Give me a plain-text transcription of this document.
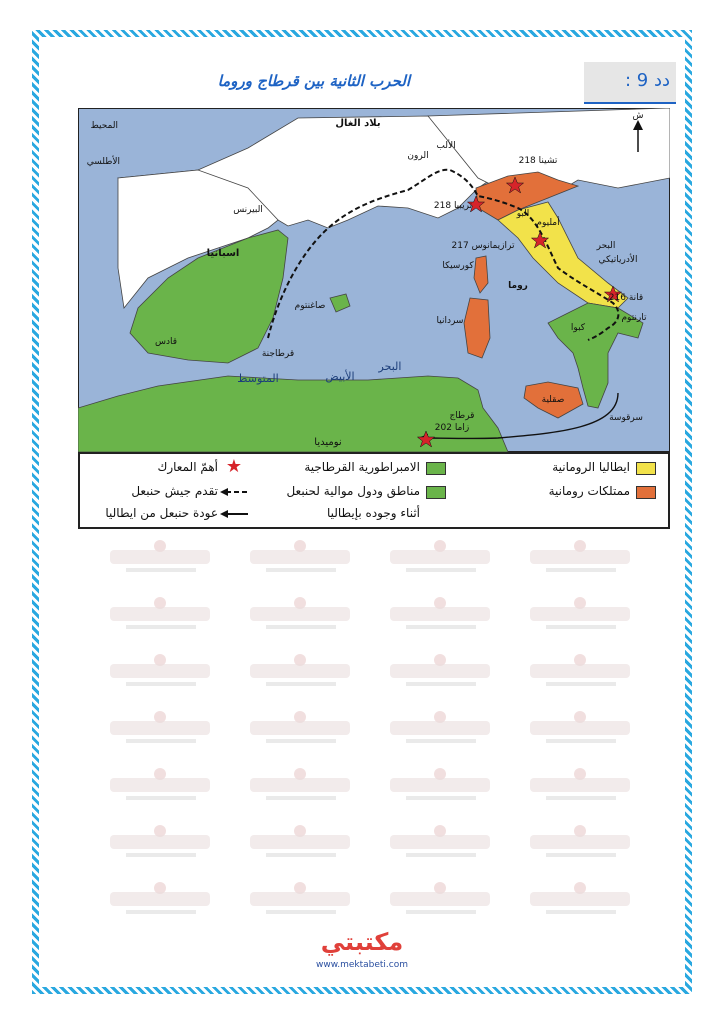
دد 9 :
الحرب الثانية بين قرطاج وروما
ش
المحيط
الأطلسي
بلاد الغال
البيرنس
اسبانيا
الألب
الرون	تشينا 218
تريبيا 218
البو
أمليوم
ترازيمانوس 217
كورسيكا
سردانيا
روما
البحر
الأدرياتيكي
قانة 216
تارنتوم
كبوا
صقلية
سرقوسة
صاغنتوم
قرطاجنة
قادس
البحر
الأبيض
المتوسط
قرطاج
زاما 202
نوميديا
ايطاليا الرومانية
ممتلكات رومانية
الامبراطورية القرطاجية
مناطق ودول موالية لحنبعل
أثناء وجوده بإيطاليا
★
أهمّ المعارك
تقدم جيش حنبعل
عودة حنبعل من ايطاليا
مكتبتي
www.mektabeti.com
